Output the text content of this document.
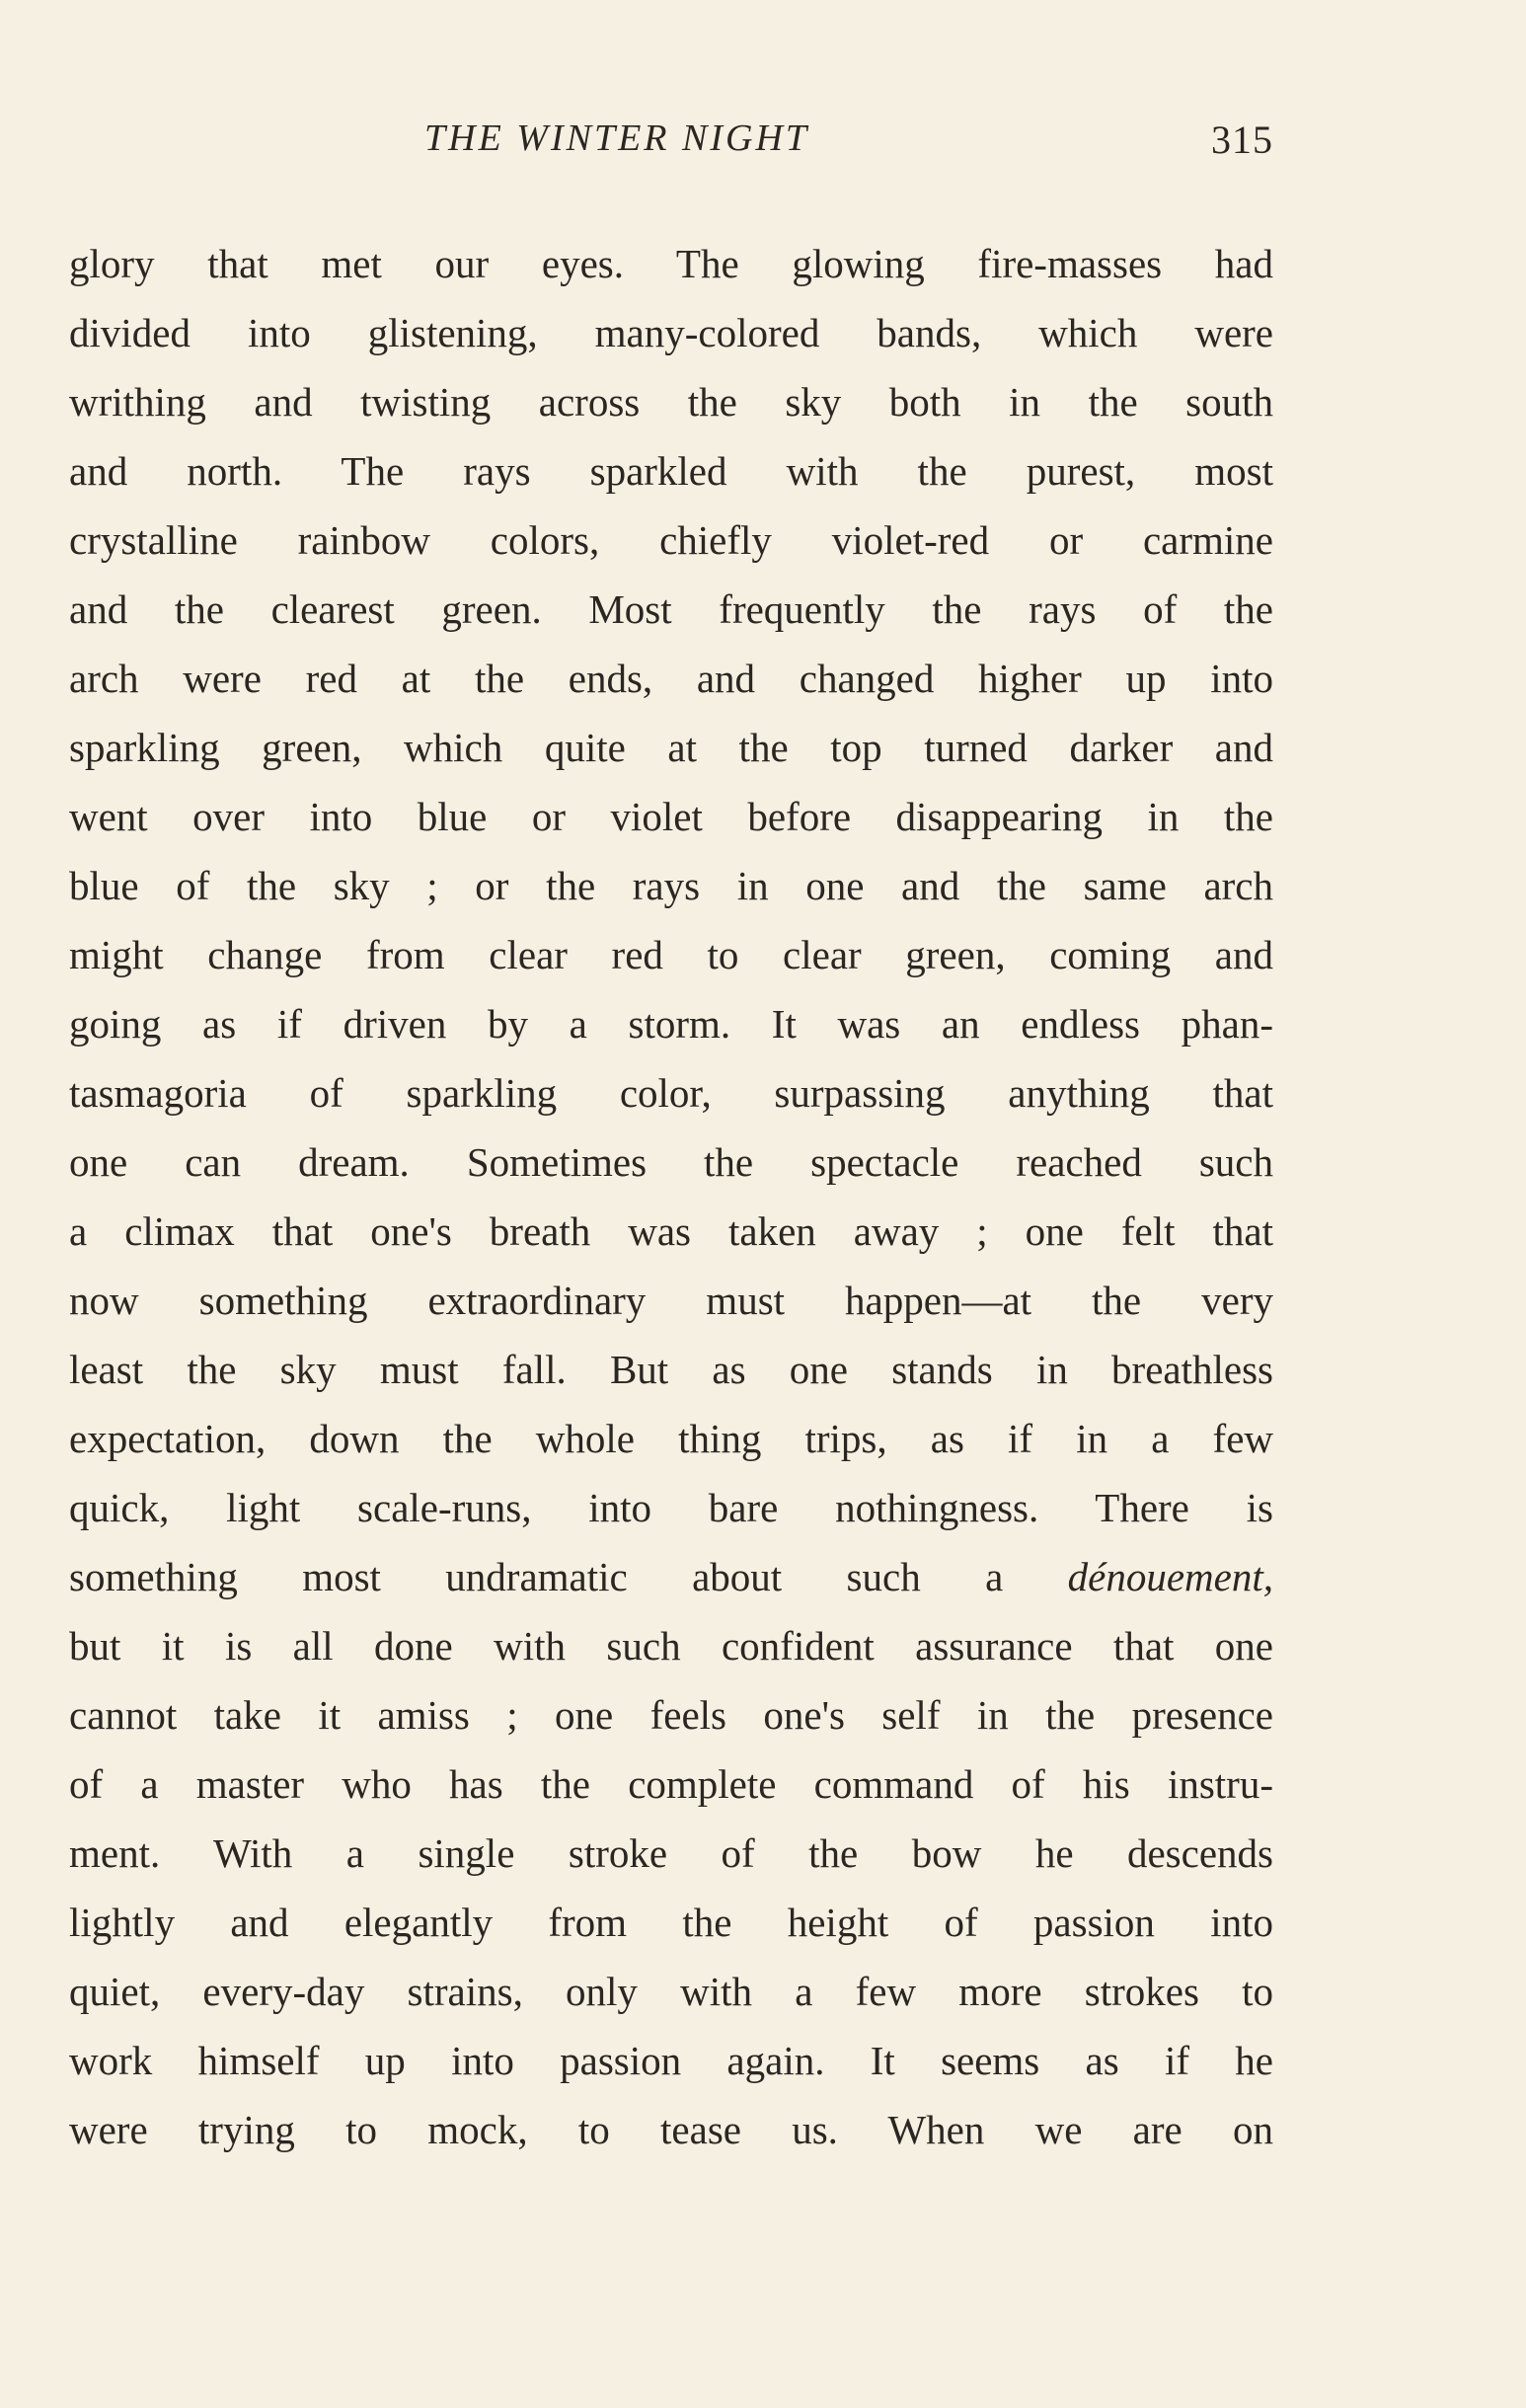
THE WINTER NIGHT	315
glory that met our eyes. The glowing fire-masses had
divided into glistening, many-colored bands, which were
writhing and twisting across the sky both in the south
and north. The rays sparkled with the purest, most
crystalline rainbow colors, chiefly violet-red or carmine
and the clearest green. Most frequently the rays of the
arch were red at the ends, and changed higher up into
sparkling green, which quite at the top turned darker and
went over into blue or violet before disappearing in the
blue of the sky ; or the rays in one and the same arch
might change from clear red to clear green, coming and
going as if driven by a storm. It was an endless phan-
tasmagoria of sparkling color, surpassing anything that
one can dream. Sometimes the spectacle reached such
a climax that one's breath was taken away ; one felt that
now something extraordinary must happen—at the very
least the sky must fall. But as one stands in breathless
expectation, down the whole thing trips, as if in a few
quick, light scale-runs, into bare nothingness. There is
something most undramatic about such a dénouement,
but it is all done with such confident assurance that one
cannot take it amiss ; one feels one's self in the presence
of a master who has the complete command of his instru-
ment. With a single stroke of the bow he descends
lightly and elegantly from the height of passion into
quiet, every-day strains, only with a few more strokes to
work himself up into passion again. It seems as if he
were trying to mock, to tease us. When we are on
